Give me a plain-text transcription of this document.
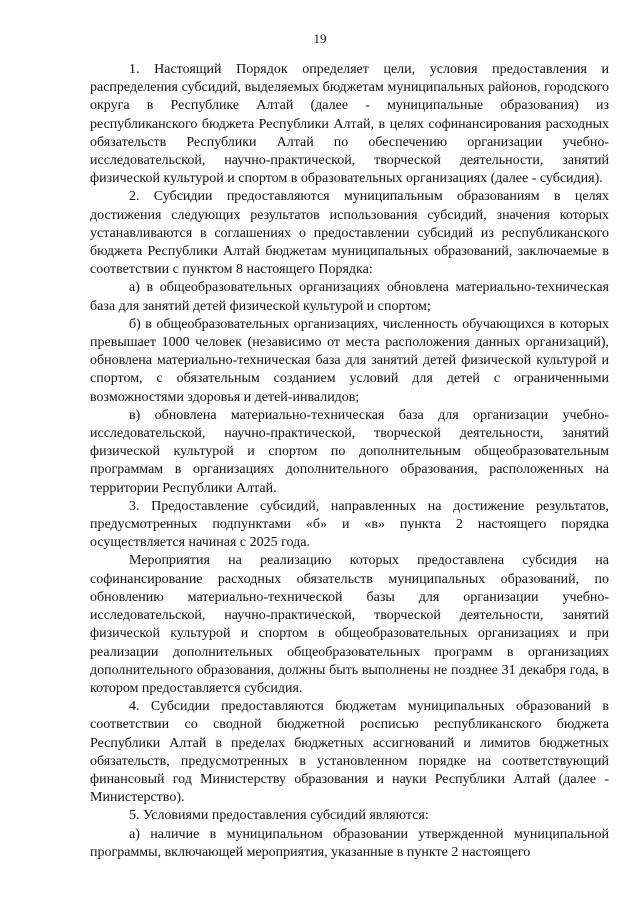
19

1. Настоящий Порядок определяет цели, условия предоставления и распределения субсидий, выделяемых бюджетам муниципальных районов, городского округа в Республике Алтай (далее - муниципальные образования) из республиканского бюджета Республики Алтай, в целях софинансирования расходных обязательств Республики Алтай по обеспечению организации учебно-исследовательской, научно-практической, творческой деятельности, занятий физической культурой и спортом в образовательных организациях (далее - субсидия).

2. Субсидии предоставляются муниципальным образованиям в целях достижения следующих результатов использования субсидий, значения которых устанавливаются в соглашениях о предоставлении субсидий из республиканского бюджета Республики Алтай бюджетам муниципальных образований, заключаемые в соответствии с пунктом 8 настоящего Порядка:

а) в общеобразовательных организациях обновлена материально-техническая база для занятий детей физической культурой и спортом;

б) в общеобразовательных организациях, численность обучающихся в которых превышает 1000 человек (независимо от места расположения данных организаций), обновлена материально-техническая база для занятий детей физической культурой и спортом, с обязательным созданием условий для детей с ограниченными возможностями здоровья и детей-инвалидов;

в) обновлена материально-техническая база для организации учебно-исследовательской, научно-практической, творческой деятельности, занятий физической культурой и спортом по дополнительным общеобразовательным программам в организациях дополнительного образования, расположенных на территории Республики Алтай.

3. Предоставление субсидий, направленных на достижение результатов, предусмотренных подпунктами «б» и «в» пункта 2 настоящего порядка осуществляется начиная с 2025 года.

Мероприятия на реализацию которых предоставлена субсидия на софинансирование расходных обязательств муниципальных образований, по обновлению материально-технической базы для организации учебно-исследовательской, научно-практической, творческой деятельности, занятий физической культурой и спортом в общеобразовательных организациях и при реализации дополнительных общеобразовательных программ в организациях дополнительного образования, должны быть выполнены не позднее 31 декабря года, в котором предоставляется субсидия.

4. Субсидии предоставляются бюджетам муниципальных образований в соответствии со сводной бюджетной росписью республиканского бюджета Республики Алтай в пределах бюджетных ассигнований и лимитов бюджетных обязательств, предусмотренных в установленном порядке на соответствующий финансовый год Министерству образования и науки Республики Алтай (далее - Министерство).

5. Условиями предоставления субсидий являются:

а) наличие в муниципальном образовании утвержденной муниципальной программы, включающей мероприятия, указанные в пункте 2 настоящего
